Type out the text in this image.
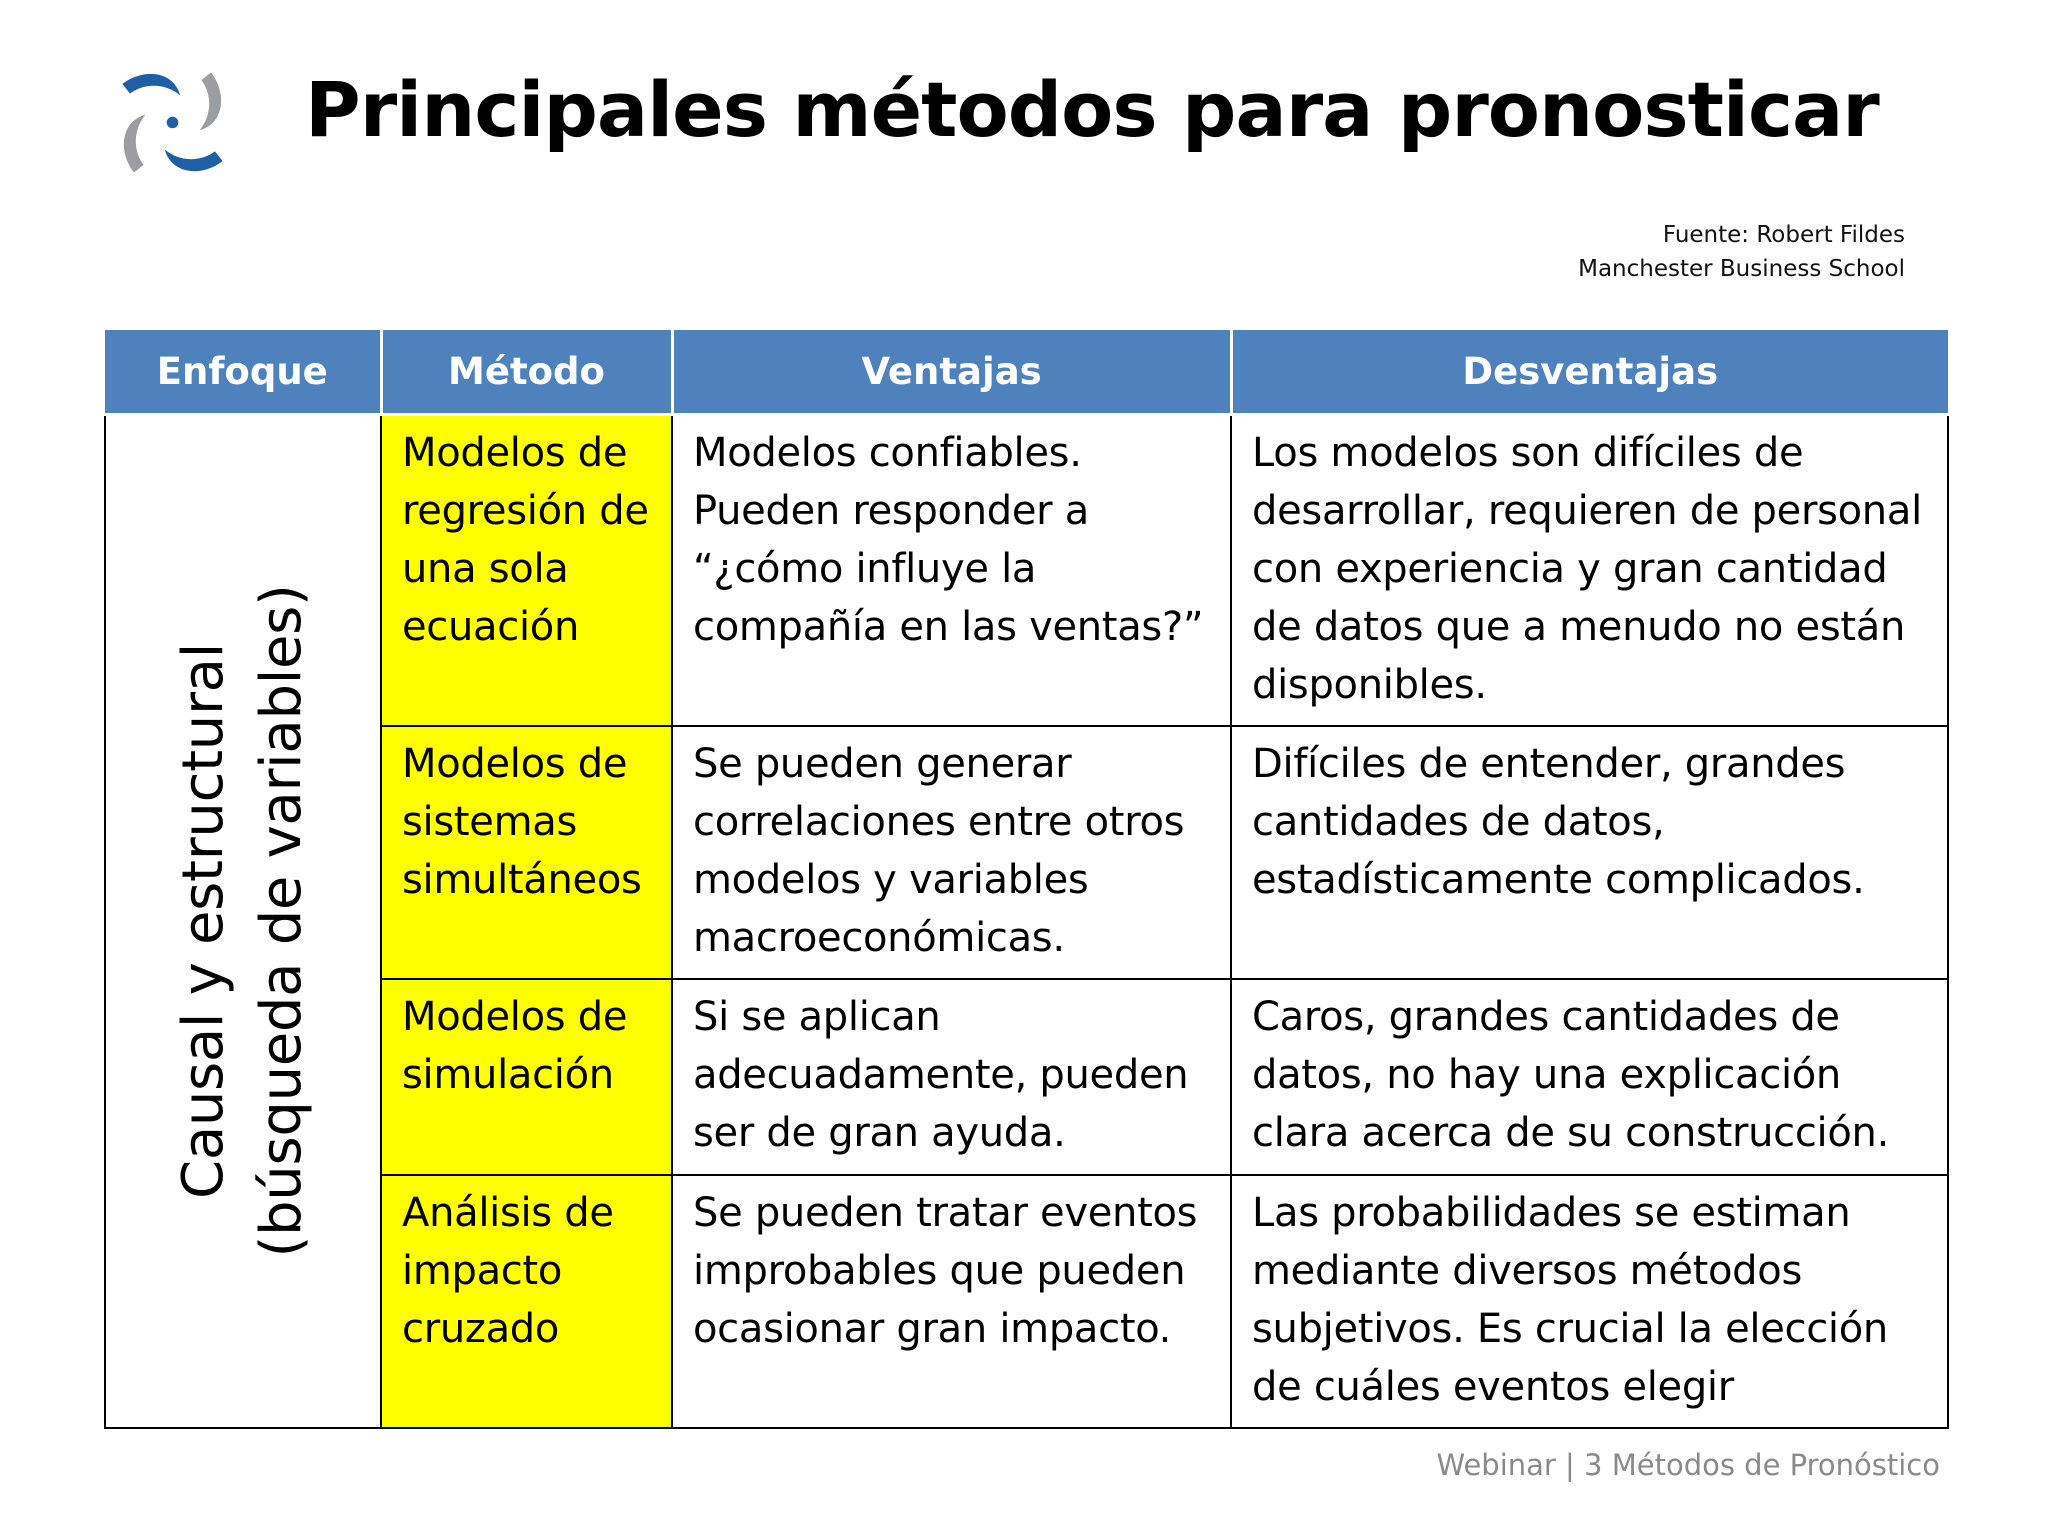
Principales métodos para pronosticar
Fuente: Robert Fildes
Manchester Business School
Enfoque	Método	Ventajas	Desventajas

Causal y estructural (búsqueda de variables)	Modelos de regresión de una sola ecuación	Modelos confiables. Pueden responder a “¿cómo influye la compañía en las ventas?”	Los modelos son difíciles de desarrollar, requieren de personal con experiencia y gran cantidad de datos que a menudo no están disponibles.
	Modelos de sistemas simultáneos	Se pueden generar correlaciones entre otros modelos y variables macroeconómicas.	Difíciles de entender, grandes cantidades de datos, estadísticamente complicados.
	Modelos de simulación	Si se aplican adecuadamente, pueden ser de gran ayuda.	Caros, grandes cantidades de datos, no hay una explicación clara acerca de su construcción.
	Análisis de impacto cruzado	Se pueden tratar eventos improbables que pueden ocasionar gran impacto.	Las probabilidades se estiman mediante diversos métodos subjetivos. Es crucial la elección de cuáles eventos elegir
Webinar | 3 Métodos de Pronóstico
